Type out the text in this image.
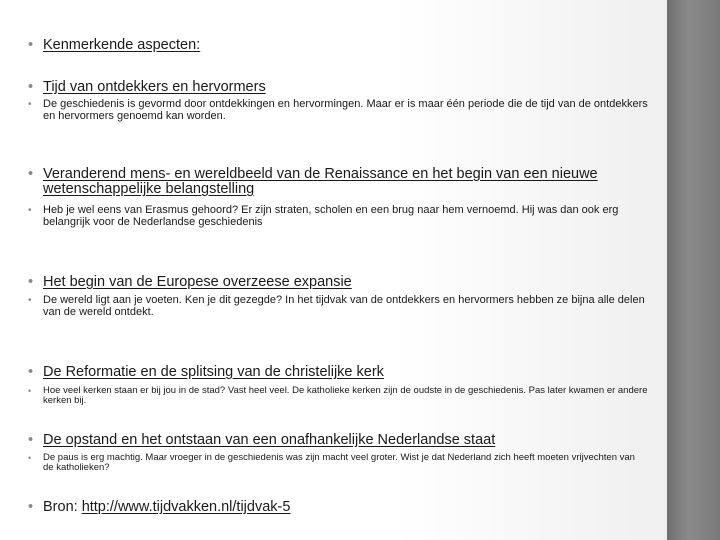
• Kenmerkende aspecten:
• Tijd van ontdekkers en hervormers
• De geschiedenis is gevormd door ontdekkingen en hervormingen. Maar er is maar één periode die de tijd van de ontdekkers en hervormers genoemd kan worden.
• Veranderend mens- en wereldbeeld van de Renaissance en het begin van een nieuwe wetenschappelijke belangstelling
• Heb je wel eens van Erasmus gehoord? Er zijn straten, scholen en een brug naar hem vernoemd. Hij was dan ook erg belangrijk voor de Nederlandse geschiedenis
• Het begin van de Europese overzeese expansie
• De wereld ligt aan je voeten. Ken je dit gezegde? In het tijdvak van de ontdekkers en hervormers hebben ze bijna alle delen van de wereld ontdekt.
• De Reformatie en de splitsing van de christelijke kerk
• Hoe veel kerken staan er bij jou in de stad? Vast heel veel. De katholieke kerken zijn de oudste in de geschiedenis. Pas later kwamen er andere kerken bij.
• De opstand en het ontstaan van een onafhankelijke Nederlandse staat
• De paus is erg machtig. Maar vroeger in de geschiedenis was zijn macht veel groter. Wist je dat Nederland zich heeft moeten vrijvechten van de katholieken?
• Bron: http://www.tijdvakken.nl/tijdvak-5
